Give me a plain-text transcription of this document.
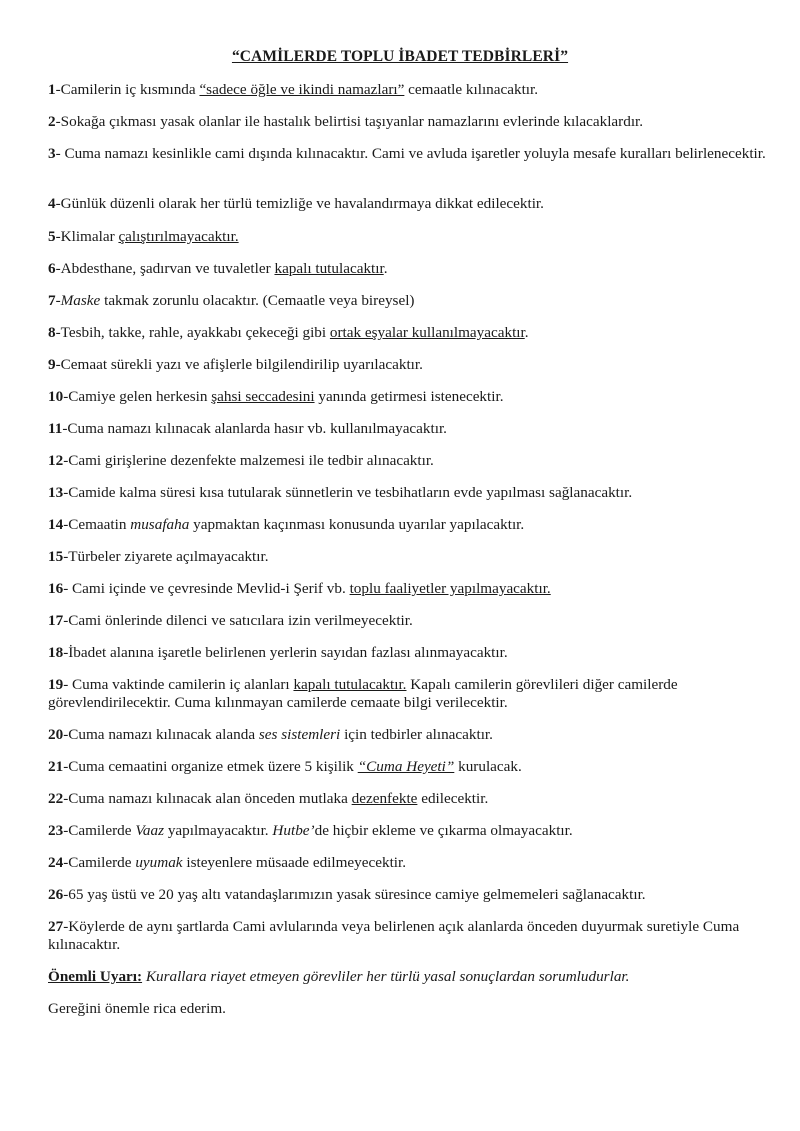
“CAMİLERDE TOPLU İBADET TEDBİRLERİ”
1-Camilerin iç kısmında “sadece öğle ve ikindi namazları” cemaatle kılınacaktır.
2-Sokağa çıkması yasak olanlar ile hastalık belirtisi taşıyanlar namazlarını evlerinde kılacaklardır.
3- Cuma namazı kesinlikle cami dışında kılınacaktır. Cami ve avluda işaretler yoluyla mesafe kuralları belirlenecektir.
4-Günlük düzenli olarak her türlü temizliğe ve havalandırmaya dikkat edilecektir.
5-Klimalar çalıştırılmayacaktır.
6-Abdesthane, şadırvan ve tuvaletler kapalı tutulacaktır.
7-Maske takmak zorunlu olacaktır. (Cemaatle veya bireysel)
8-Tesbih, takke, rahle, ayakkabı çekeceği gibi ortak eşyalar kullanılmayacaktır.
9-Cemaat sürekli yazı ve afişlerle bilgilendirilip uyarılacaktır.
10-Camiye gelen herkesin şahsi seccadesini yanında getirmesi istenecektir.
11-Cuma namazı kılınacak alanlarda hasır vb. kullanılmayacaktır.
12-Cami girişlerine dezenfekte malzemesi ile tedbir alınacaktır.
13-Camide kalma süresi kısa tutularak sünnetlerin ve tesbihatların evde yapılması sağlanacaktır.
14-Cemaatin musafaha yapmaktan kaçınması konusunda uyarılar yapılacaktır.
15-Türbeler ziyarete açılmayacaktır.
16- Cami içinde ve çevresinde Mevlid-i Şerif vb. toplu faaliyetler yapılmayacaktır.
17-Cami önlerinde dilenci ve satıcılara izin verilmeyecektir.
18-İbadet alanına işaretle belirlenen yerlerin sayıdan fazlası alınmayacaktır.
19- Cuma vaktinde camilerin iç alanları kapalı tutulacaktır. Kapalı camilerin görevlileri diğer camilerde görevlendirilecektir. Cuma kılınmayan camilerde cemaate bilgi verilecektir.
20-Cuma namazı kılınacak alanda ses sistemleri için tedbirler alınacaktır.
21-Cuma cemaatini organize etmek üzere 5 kişilik “Cuma Heyeti” kurulacak.
22-Cuma namazı kılınacak alan önceden mutlaka dezenfekte edilecektir.
23-Camilerde Vaaz yapılmayacaktır. Hutbe’de hiçbir ekleme ve çıkarma olmayacaktır.
24-Camilerde uyumak isteyenlere müsaade edilmeyecektir.
26-65 yaş üstü ve 20 yaş altı vatandaşlarımızın yasak süresince camiye gelmemeleri sağlanacaktır.
27-Köylerde de aynı şartlarda Cami avlularında veya belirlenen açık alanlarda önceden duyurmak suretiyle Cuma kılınacaktır.
Önemli Uyarı: Kurallara riayet etmeyen görevliler her türlü yasal sonuçlardan sorumludurlar.
Gereğini önemle rica ederim.
